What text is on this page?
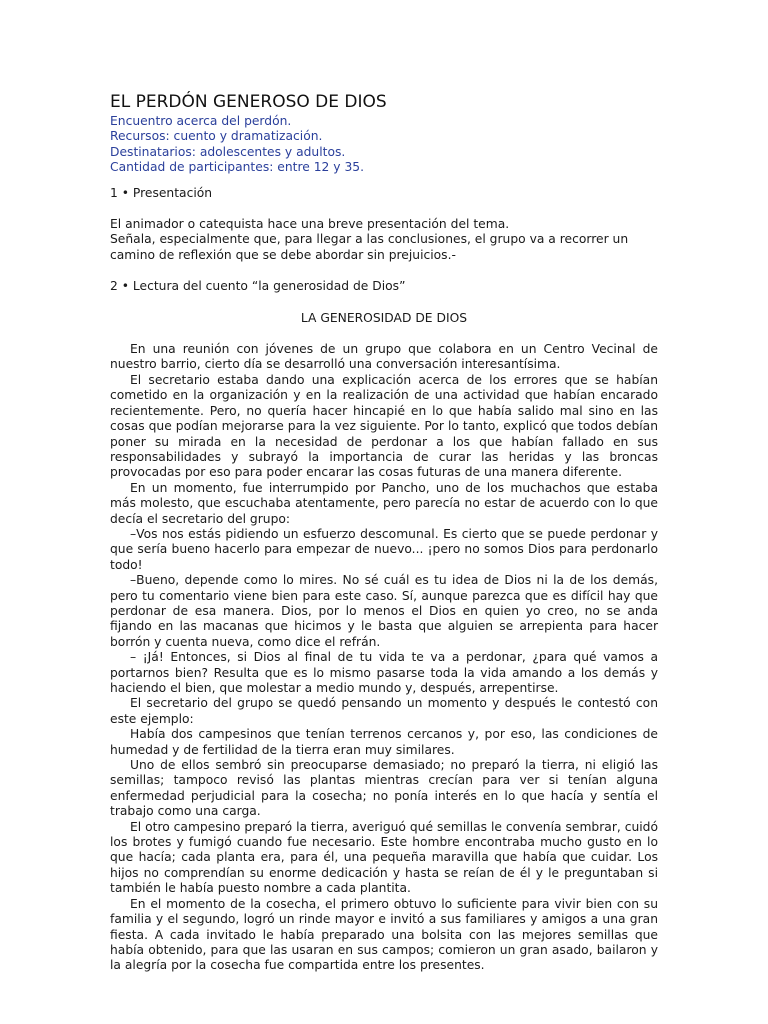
EL PERDÓN GENEROSO DE DIOS

Encuentro acerca del perdón.

Recursos: cuento y dramatización.

Destinatarios: adolescentes y adultos.

Cantidad de participantes: entre 12 y 35.

1 • Presentación

El animador o catequista hace una breve presentación del tema.

Señala, especialmente que, para llegar a las conclusiones, el grupo va a recorrer un camino de reflexión que se debe abordar sin prejuicios.-

2 • Lectura del cuento “la generosidad de Dios”

LA GENEROSIDAD DE DIOS

En una reunión con jóvenes de un grupo que colabora en un Centro Vecinal de nuestro barrio, cierto día se desarrolló una conversación interesantísima.

El secretario estaba dando una explicación acerca de los errores que se habían cometido en la organización y en la realización de una actividad que habían encarado recientemente. Pero, no quería hacer hincapié en lo que había salido mal sino en las cosas que podían mejorarse para la vez siguiente. Por lo tanto, explicó que todos debían poner su mirada en la necesidad de perdonar a los que habían fallado en sus responsabilidades y subrayó la importancia de curar las heridas y las broncas provocadas por eso para poder encarar las cosas futuras de una manera diferente.

En un momento, fue interrumpido por Pancho, uno de los muchachos que estaba más molesto, que escuchaba atentamente, pero parecía no estar de acuerdo con lo que decía el secretario del grupo:

–Vos nos estás pidiendo un esfuerzo descomunal. Es cierto que se puede perdonar y que sería bueno hacerlo para empezar de nuevo... ¡pero no somos Dios para perdonarlo todo!

–Bueno, depende como lo mires. No sé cuál es tu idea de Dios ni la de los demás, pero tu comentario viene bien para este caso. Sí, aunque parezca que es difícil hay que perdonar de esa manera. Dios, por lo menos el Dios en quien yo creo, no se anda fijando en las macanas que hicimos y le basta que alguien se arrepienta para hacer borrón y cuenta nueva, como dice el refrán.

– ¡Já! Entonces, si Dios al final de tu vida te va a perdonar, ¿para qué vamos a portarnos bien? Resulta que es lo mismo pasarse toda la vida amando a los demás y haciendo el bien, que molestar a medio mundo y, después, arrepentirse.

El secretario del grupo se quedó pensando un momento y después le contestó con este ejemplo:

Había dos campesinos que tenían terrenos cercanos y, por eso, las condiciones de humedad y de fertilidad de la tierra eran muy similares.

Uno de ellos sembró sin preocuparse demasiado; no preparó la tierra, ni eligió las semillas; tampoco revisó las plantas mientras crecían para ver si tenían alguna enfermedad perjudicial para la cosecha; no ponía interés en lo que hacía y sentía el trabajo como una carga.

El otro campesino preparó la tierra, averiguó qué semillas le convenía sembrar, cuidó los brotes y fumigó cuando fue necesario. Este hombre encontraba mucho gusto en lo que hacía; cada planta era, para él, una pequeña maravilla que había que cuidar. Los hijos no comprendían su enorme dedicación y hasta se reían de él y le preguntaban si también le había puesto nombre a cada plantita.

En el momento de la cosecha, el primero obtuvo lo suficiente para vivir bien con su familia y el segundo, logró un rinde mayor e invitó a sus familiares y amigos a una gran fiesta. A cada invitado le había preparado una bolsita con las mejores semillas que había obtenido, para que las usaran en sus campos; comieron un gran asado, bailaron y la alegría por la cosecha fue compartida entre los presentes.
